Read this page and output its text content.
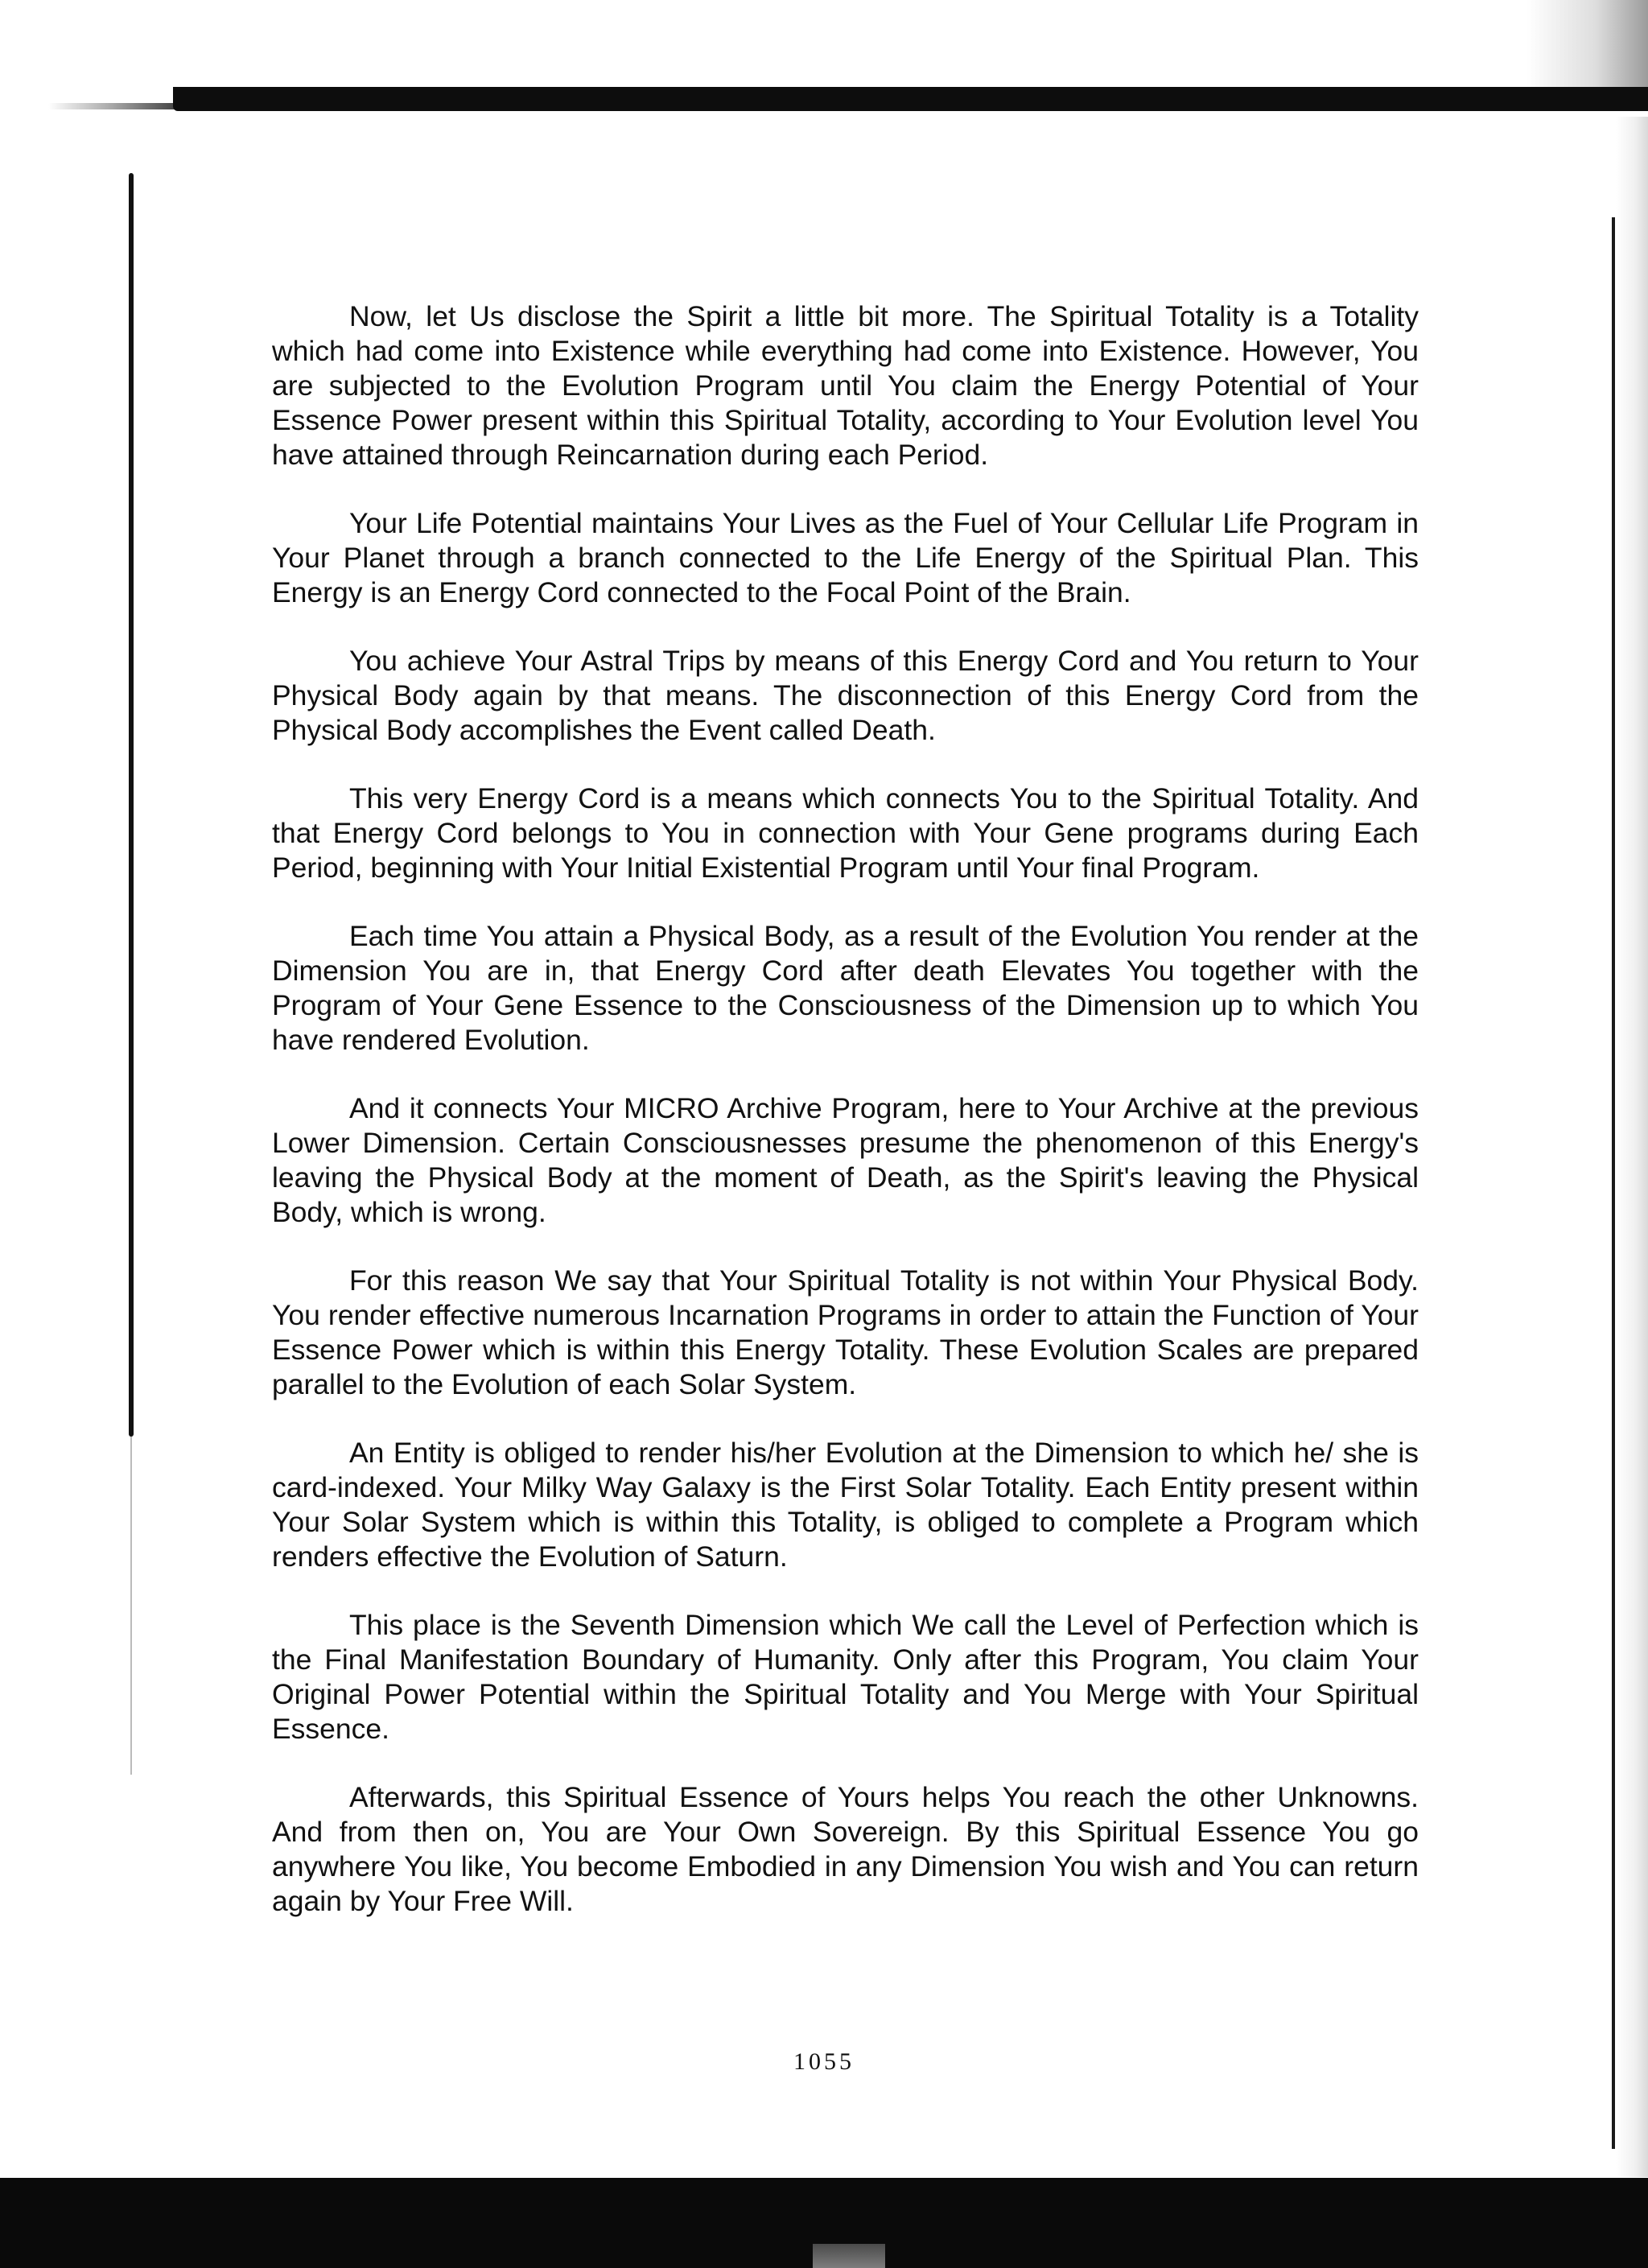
Now, let Us disclose the Spirit a little bit more. The Spiritual Totality is a Totality which had come into Existence while everything had come into Existence. However, You are subjected to the Evolution Program until You claim the Energy Potential of Your Essence Power present within this Spiritual Totality, according to Your Evolution level You have attained through Reincarnation during each Period.

Your Life Potential maintains Your Lives as the Fuel of Your Cellular Life Program in Your Planet through a branch connected to the Life Energy of the Spiritual Plan. This Energy is an Energy Cord connected to the Focal Point of the Brain.

You achieve Your Astral Trips by means of this Energy Cord and You return to Your Physical Body again by that means. The disconnection of this Energy Cord from the Physical Body accomplishes the Event called Death.

This very Energy Cord is a means which connects You to the Spiritual Totality. And that Energy Cord belongs to You in connection with Your Gene programs during Each Period, beginning with Your Initial Existential Program until Your final Program.

Each time You attain a Physical Body, as a result of the Evolution You render at the Dimension You are in, that Energy Cord after death Elevates You together with the Program of Your Gene Essence to the Consciousness of the Dimension up to which You have rendered Evolution.

And it connects Your MICRO Archive Program, here to Your Archive at the previous Lower Dimension. Certain Consciousnesses presume the phenomenon of this Energy's leaving the Physical Body at the moment of Death, as the Spirit's leaving the Physical Body, which is wrong.

For this reason We say that Your Spiritual Totality is not within Your Physical Body. You render effective numerous Incarnation Programs in order to attain the Function of Your Essence Power which is within this Energy Totality. These Evolution Scales are prepared parallel to the Evolution of each Solar System.

An Entity is obliged to render his/her Evolution at the Dimension to which he/ she is card-indexed. Your Milky Way Galaxy is the First Solar Totality. Each Entity present within Your Solar System which is within this Totality, is obliged to complete a Program which renders effective the Evolution of Saturn.

This place is the Seventh Dimension which We call the Level of Perfection which is the Final Manifestation Boundary of Humanity. Only after this Program, You claim Your Original Power Potential within the Spiritual Totality and You Merge with Your Spiritual Essence.

Afterwards, this Spiritual Essence of Yours helps You reach the other Unknowns. And from then on, You are Your Own Sovereign. By this Spiritual Essence You go anywhere You like, You become Embodied in any Dimension You wish and You can return again by Your Free Will.

1055
